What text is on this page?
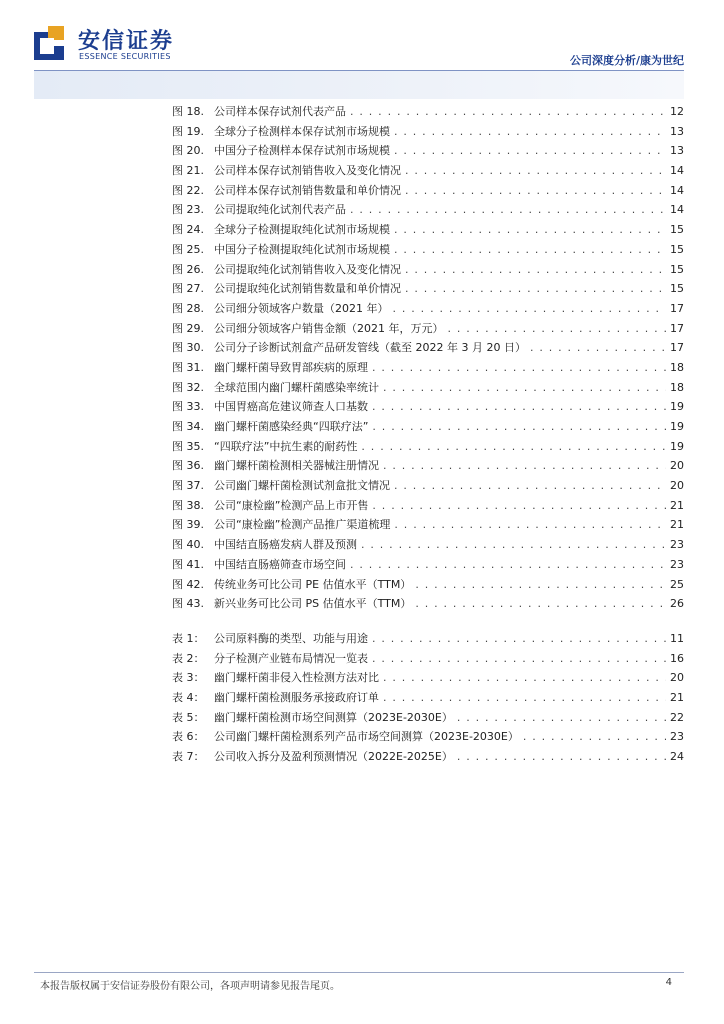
安信证券
ESSENCE SECURITIES	公司深度分析/康为世纪
图 18. 公司样本保存试剂代表产品 . . .	12
图 19. 全球分子检测样本保存试剂市场规模 . . .	13
图 20. 中国分子检测样本保存试剂市场规模 . . .	13
图 21. 公司样本保存试剂销售收入及变化情况 . . .	14
图 22. 公司样本保存试剂销售数量和单价情况 . . .	14
图 23. 公司提取纯化试剂代表产品 . . .	14
图 24. 全球分子检测提取纯化试剂市场规模 . . .	15
图 25. 中国分子检测提取纯化试剂市场规模 . . .	15
图 26. 公司提取纯化试剂销售收入及变化情况 . . .	15
图 27. 公司提取纯化试剂销售数量和单价情况 . . .	15
图 28. 公司细分领域客户数量（2021 年） . . .	17
图 29. 公司细分领域客户销售金额（2021 年，万元） . . .	17
图 30. 公司分子诊断试剂盒产品研发管线（截至 2022 年 3 月 20 日） . . .	17
图 31. 幽门螺杆菌导致胃部疾病的原理 . . .	18
图 32. 全球范围内幽门螺杆菌感染率统计 . . .	18
图 33. 中国胃癌高危建议筛查人口基数 . . .	19
图 34. 幽门螺杆菌感染经典“四联疗法” . . .	19
图 35. “四联疗法”中抗生素的耐药性 . . .	19
图 36. 幽门螺杆菌检测相关器械注册情况 . . .	20
图 37. 公司幽门螺杆菌检测试剂盒批文情况 . . .	20
图 38. 公司“康检幽”检测产品上市开售 . . .	21
图 39. 公司“康检幽”检测产品推广渠道梳理 . . .	21
图 40. 中国结直肠癌发病人群及预测 . . .	23
图 41. 中国结直肠癌筛查市场空间 . . .	23
图 42. 传统业务可比公司 PE 估值水平（TTM） . . .	25
图 43. 新兴业务可比公司 PS 估值水平（TTM） . . .	26
表 1： 公司原料酶的类型、功能与用途 . . .	11
表 2： 分子检测产业链布局情况一览表 . . .	16
表 3： 幽门螺杆菌非侵入性检测方法对比 . . .	20
表 4： 幽门螺杆菌检测服务承接政府订单 . . .	21
表 5： 幽门螺杆菌检测市场空间测算（2023E-2030E） . . .	22
表 6： 公司幽门螺杆菌检测系列产品市场空间测算（2023E-2030E） . . .	23
表 7： 公司收入拆分及盈利预测情况（2022E-2025E） . . .	24
本报告版权属于安信证券股份有限公司，各项声明请参见报告尾页。	4
